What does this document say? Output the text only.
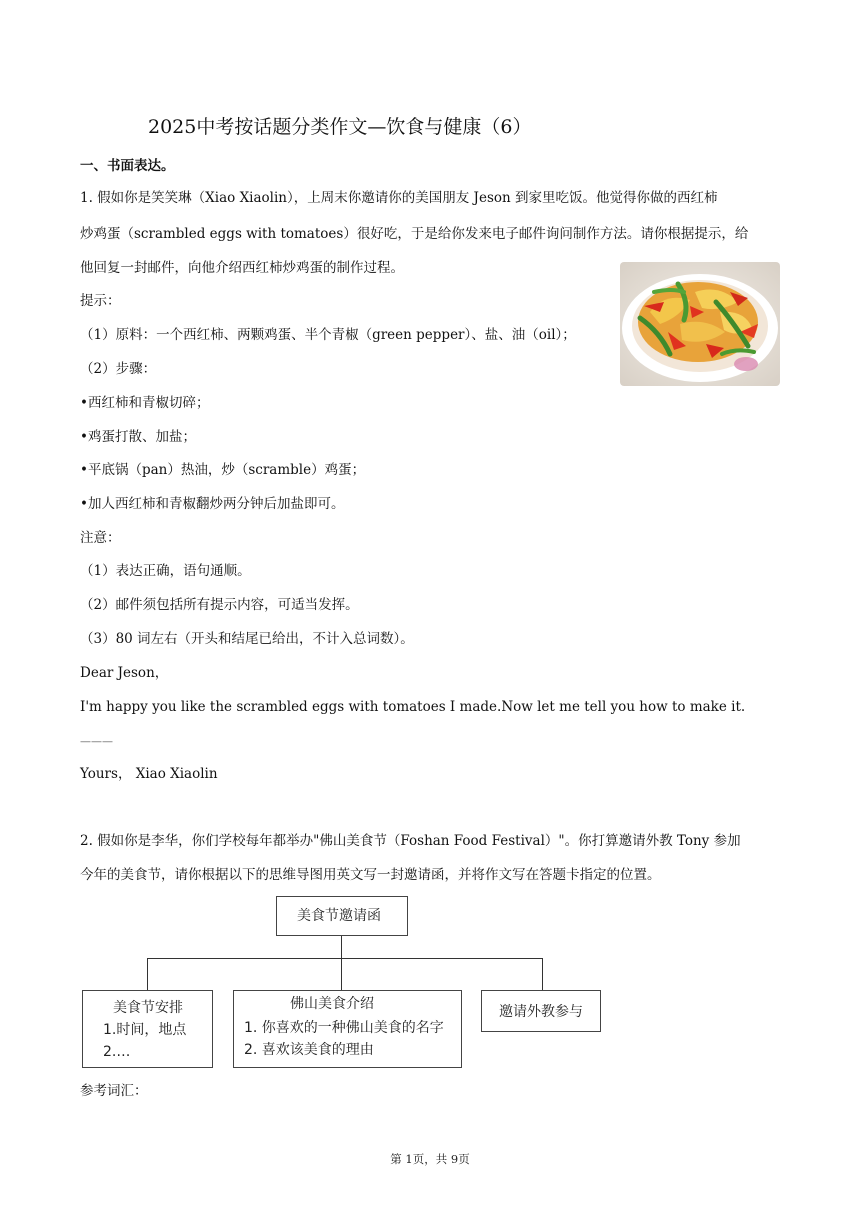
2025中考按话题分类作文—饮食与健康（6）
一、书面表达。
1. 假如你是笑笑琳（Xiao Xiaolin），上周末你邀请你的美国朋友 Jeson 到家里吃饭。他觉得你做的西红柿
炒鸡蛋（scrambled eggs with tomatoes）很好吃，于是给你发来电子邮件询问制作方法。请你根据提示，给
他回复一封邮件，向他介绍西红柿炒鸡蛋的制作过程。
提示：
（1）原料：一个西红柿、两颗鸡蛋、半个青椒（green pepper）、盐、油（oil）；
（2）步骤：
•西红柿和青椒切碎；
•鸡蛋打散、加盐；
•平底锅（pan）热油，炒（scramble）鸡蛋；
•加人西红柿和青椒翻炒两分钟后加盐即可。
注意：
（1）表达正确，语句通顺。
（2）邮件须包括所有提示内容，可适当发挥。
（3）80 词左右（开头和结尾已给出，不计入总词数）。
Dear Jeson，
I'm happy you like the scrambled eggs with tomatoes I made.Now let me tell you how to make it.
———
Yours， Xiao Xiaolin
2. 假如你是李华，你们学校每年都举办"佛山美食节（Foshan Food Festival）"。你打算邀请外教 Tony 参加
今年的美食节，请你根据以下的思维导图用英文写一封邀请函，并将作文写在答题卡指定的位置。
美食节邀请函
美食节安排
1.时间，地点
2.…
佛山美食介绍
1. 你喜欢的一种佛山美食的名字
2. 喜欢该美食的理由
邀请外教参与
参考词汇：
第 1页，共 9页
